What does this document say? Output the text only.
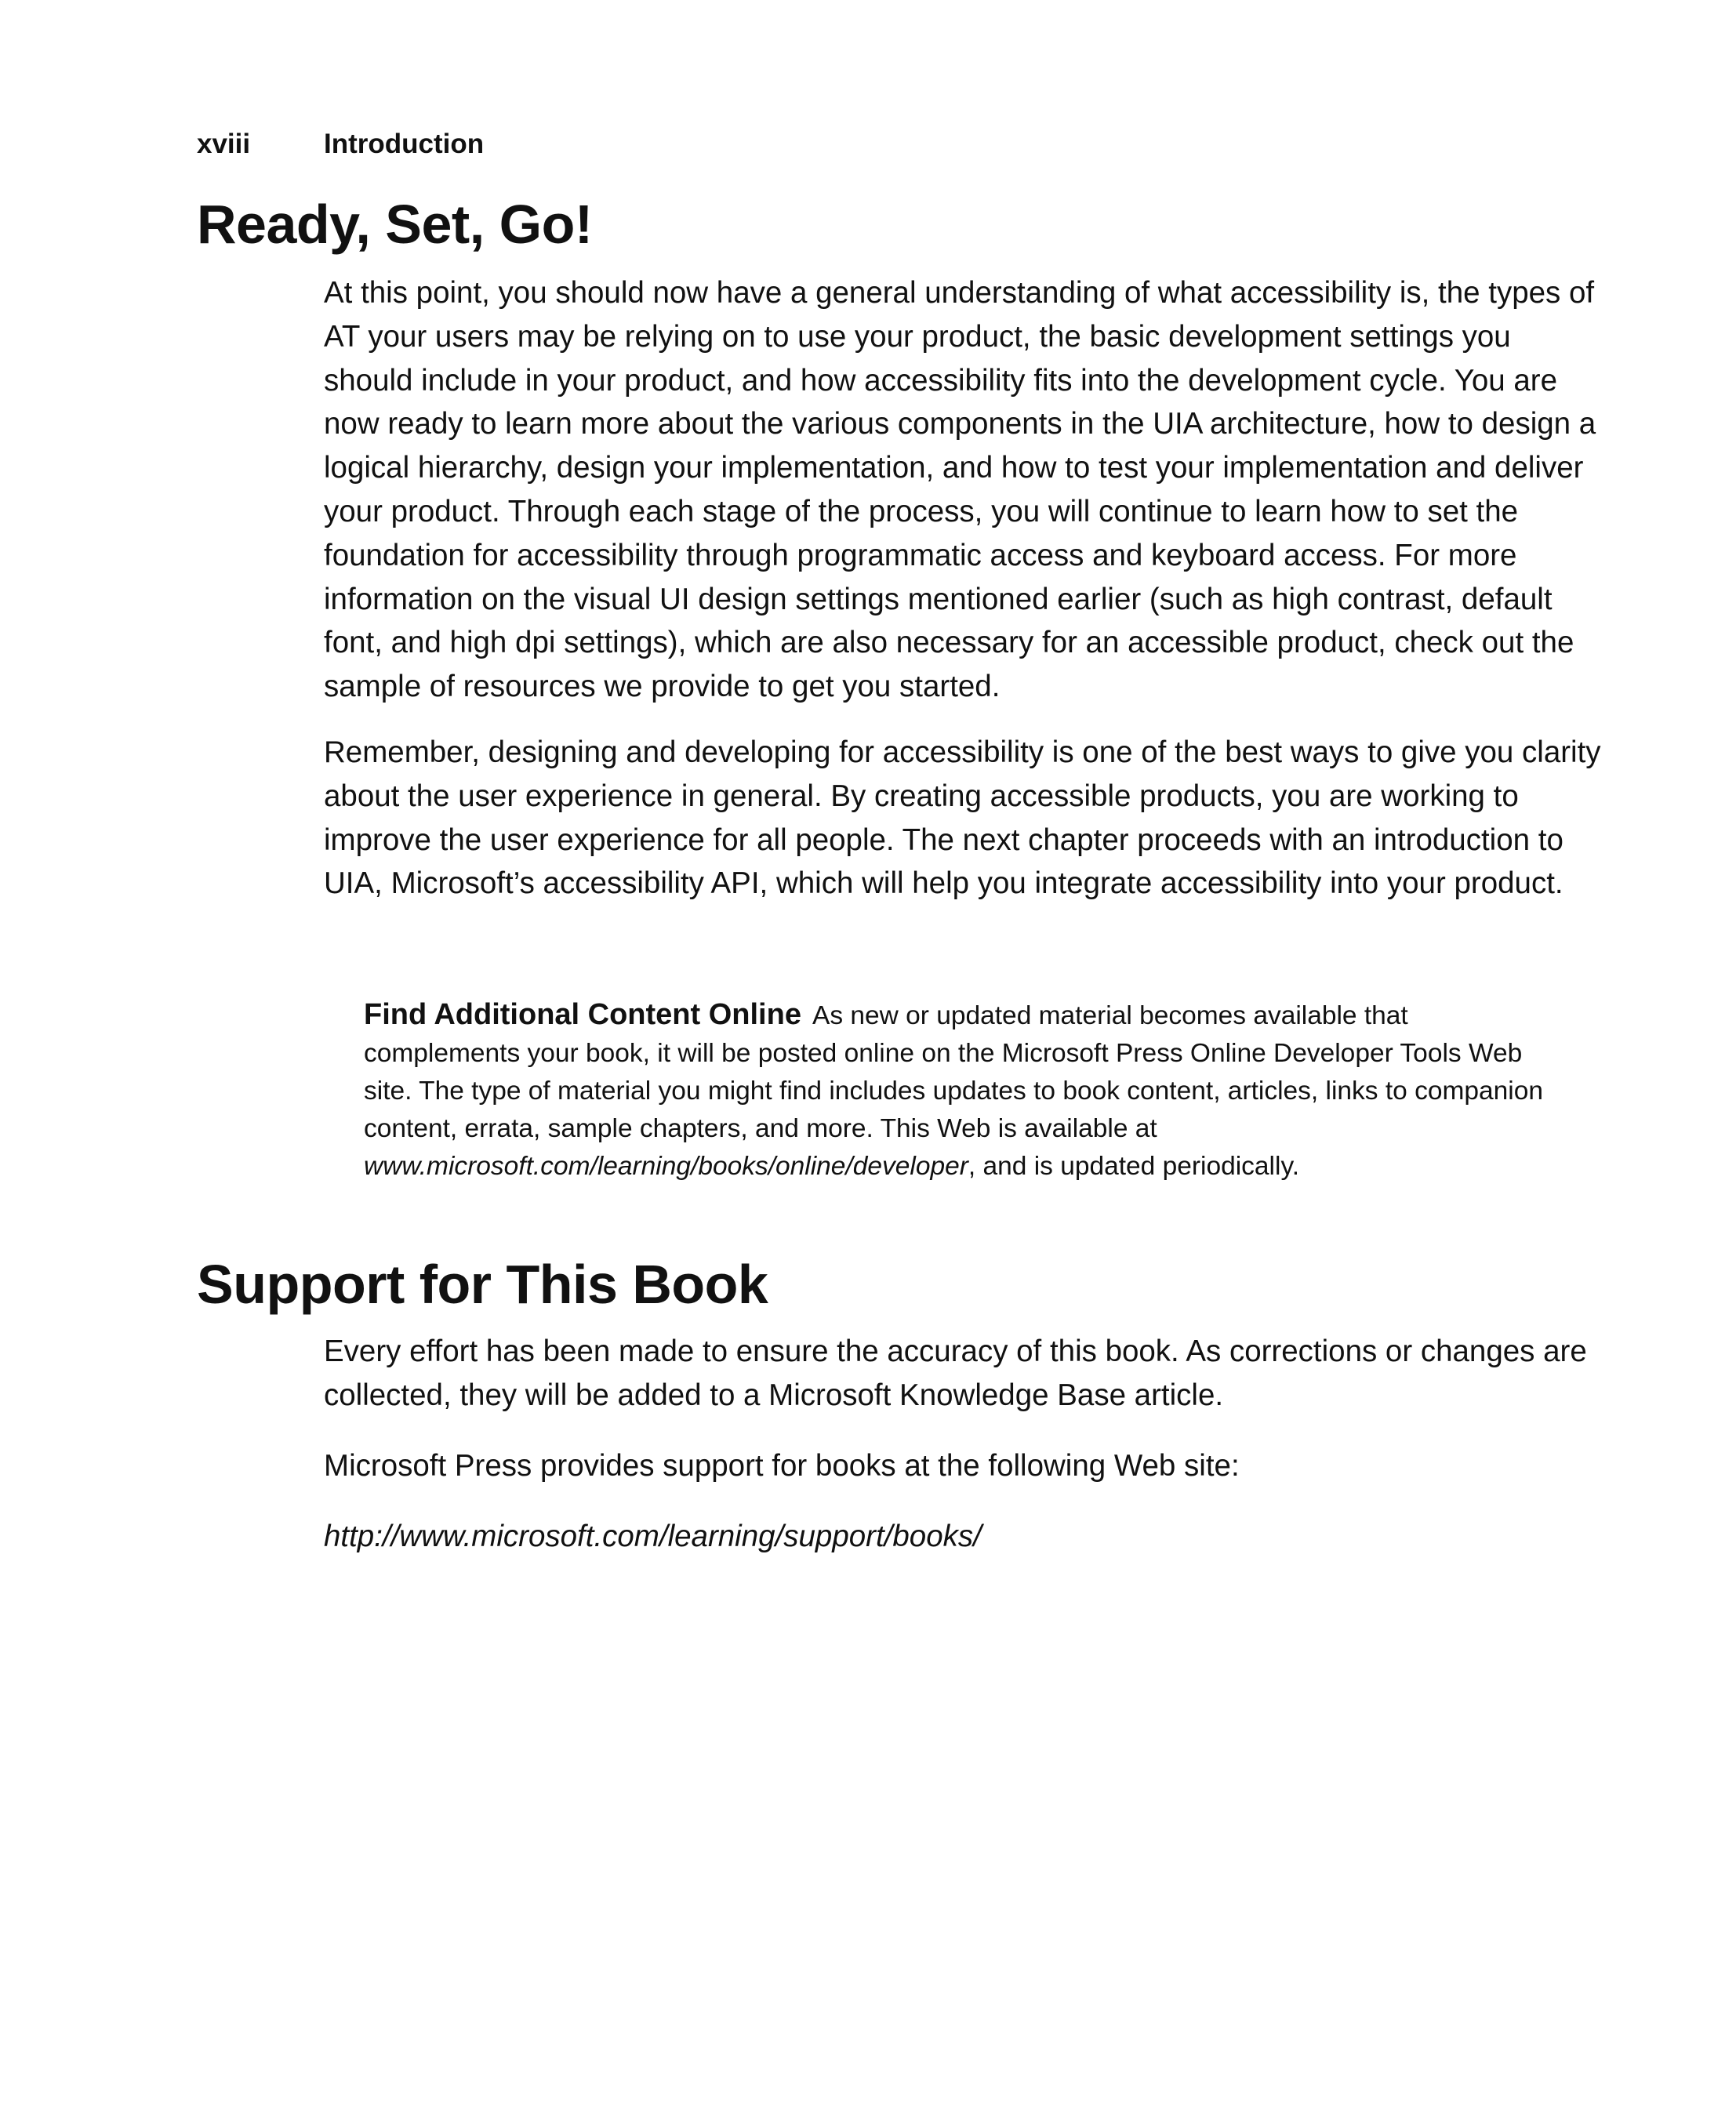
xviii	Introduction
Ready, Set, Go!

At this point, you should now have a general understanding of what accessibility is, the types of AT your users may be relying on to use your product, the basic development settings you should include in your product, and how accessibility fits into the development cycle. You are now ready to learn more about the various components in the UIA architecture, how to design a logical hierarchy, design your implementation, and how to test your implementation and deliver your product. Through each stage of the process, you will continue to learn how to set the foundation for accessibility through programmatic access and keyboard access. For more information on the visual UI design settings mentioned earlier (such as high contrast, default font, and high dpi settings), which are also necessary for an accessible product, check out the sample of resources we provide to get you started.

Remember, designing and developing for accessibility is one of the best ways to give you clarity about the user experience in general. By creating accessible products, you are working to improve the user experience for all people. The next chapter proceeds with an introduction to UIA, Microsoft’s accessibility API, which will help you integrate accessibility into your product.

Find Additional Content Online As new or updated material becomes available that complements your book, it will be posted online on the Microsoft Press Online Developer Tools Web site. The type of material you might find includes updates to book content, articles, links to companion content, errata, sample chapters, and more. This Web is available at www.microsoft.com/learning/books/online/developer, and is updated periodically.

Support for This Book

Every effort has been made to ensure the accuracy of this book. As corrections or changes are collected, they will be added to a Microsoft Knowledge Base article.

Microsoft Press provides support for books at the following Web site:

http://www.microsoft.com/learning/support/books/
